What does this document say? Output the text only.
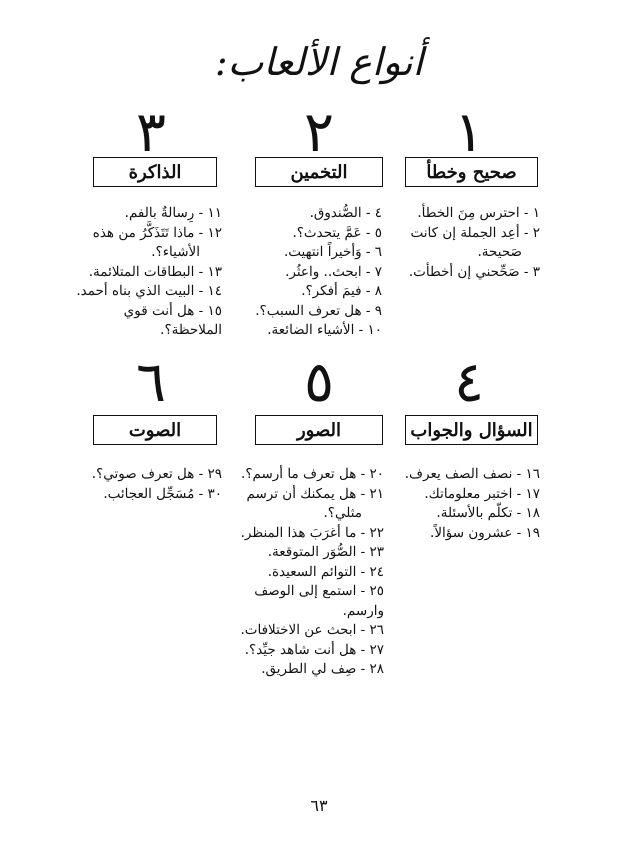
أنواع الألعاب:
١
٢
٣
صحيح وخطأ
التخمين
الذاكرة
١ - احترس مِنَ الخطأ.
٢ - أعِد الجملة إن كانت
صَحيحة.
٣ - صَحِّحني إن أخطأت.
٤ - الصُّندوق.
٥ - عَمَّ يتحدث؟.
٦ - وَأخيراً انتهيت.
٧ - ابحث.. واعثُر.
٨ - فيمَ أفكر؟.
٩ - هل تعرف السبب؟.
١٠ - الأشياء الضائعة.
١١ - رِسالةٌ بالفم.
١٢ - ماذا تَتَذَكَّرُ من هذه
الأشياء؟.
١٣ - البطاقات المتلائمة.
١٤ - البيت الذي بناه أحمد.
١٥ - هل أنت قوي الملاحظة؟.
٤
٥
٦
السؤال والجواب
الصور
الصوت
١٦ - نصف الصف يعرف.
١٧ - اختبر معلوماتك.
١٨ - تكلّم بالأسئلة.
١٩ - عشرون سؤالاً.
٢٠ - هل تعرف ما أرسم؟.
٢١ - هل يمكنك أن ترسم
مثلي؟.
٢٢ - ما أغرَبَ هذا المنظر.
٢٣ - الصُّوَر المتوقعة.
٢٤ - التوائم السعيدة.
٢٥ - استمع إلى الوصف وارسم.
٢٦ - ابحث عن الاختلافات.
٢٧ - هل أنت شاهد جيِّد؟.
٢٨ - صِف لي الطريق.
٢٩ - هل تعرف صوتي؟.
٣٠ - مُسَجِّل العجائب.
٦٣
